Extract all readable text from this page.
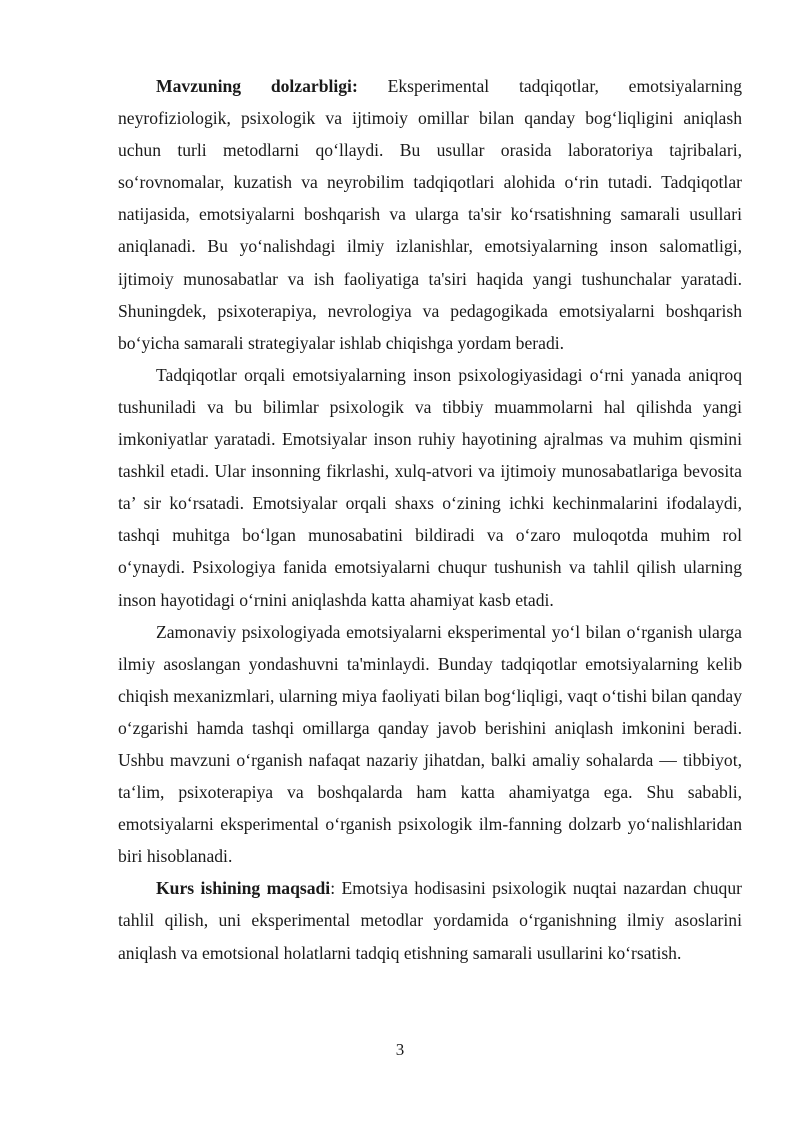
Mavzuning dolzarbligi: Eksperimental tadqiqotlar, emotsiyalarning neyrofiziologik, psixologik va ijtimoiy omillar bilan qanday bog‘liqligini aniqlash uchun turli metodlarni qo‘llaydi. Bu usullar orasida laboratoriya tajribalari, so‘rovnomalar, kuzatish va neyrobilim tadqiqotlari alohida o‘rin tutadi. Tadqiqotlar natijasida, emotsiyalarni boshqarish va ularga ta'sir ko‘rsatishning samarali usullari aniqlanadi. Bu yo‘nalishdagi ilmiy izlanishlar, emotsiyalarning inson salomatligi, ijtimoiy munosabatlar va ish faoliyatiga ta'siri haqida yangi tushunchalar yaratadi. Shuningdek, psixoterapiya, nevrologiya va pedagogikada emotsiyalarni boshqarish bo‘yicha samarali strategiyalar ishlab chiqishga yordam beradi.

Tadqiqotlar orqali emotsiyalarning inson psixologiyasidagi o‘rni yanada aniqroq tushuniladi va bu bilimlar psixologik va tibbiy muammolarni hal qilishda yangi imkoniyatlar yaratadi. Emotsiyalar inson ruhiy hayotining ajralmas va muhim qismini tashkil etadi. Ular insonning fikrlashi, xulq-atvori va ijtimoiy munosabatlariga bevosita ta’ sir ko‘rsatadi. Emotsiyalar orqali shaxs o‘zining ichki kechinmalarini ifodalaydi, tashqi muhitga bo‘lgan munosabatini bildiradi va o‘zaro muloqotda muhim rol o‘ynaydi. Psixologiya fanida emotsiyalarni chuqur tushunish va tahlil qilish ularning inson hayotidagi o‘rnini aniqlashda katta ahamiyat kasb etadi.

Zamonaviy psixologiyada emotsiyalarni eksperimental yo‘l bilan o‘rganish ularga ilmiy asoslangan yondashuvni ta'minlaydi. Bunday tadqiqotlar emotsiyalarning kelib chiqish mexanizmlari, ularning miya faoliyati bilan bog‘liqligi, vaqt o‘tishi bilan qanday o‘zgarishi hamda tashqi omillarga qanday javob berishini aniqlash imkonini beradi. Ushbu mavzuni o‘rganish nafaqat nazariy jihatdan, balki amaliy sohalarda — tibbiyot, ta‘lim, psixoterapiya va boshqalarda ham katta ahamiyatga ega. Shu sababli, emotsiyalarni eksperimental o‘rganish psixologik ilm-fanning dolzarb yo‘nalishlaridan biri hisoblanadi.

Kurs ishining maqsadi: Emotsiya hodisasini psixologik nuqtai nazardan chuqur tahlil qilish, uni eksperimental metodlar yordamida o‘rganishning ilmiy asoslarini aniqlash va emotsional holatlarni tadqiq etishning samarali usullarini ko‘rsatish.

3
